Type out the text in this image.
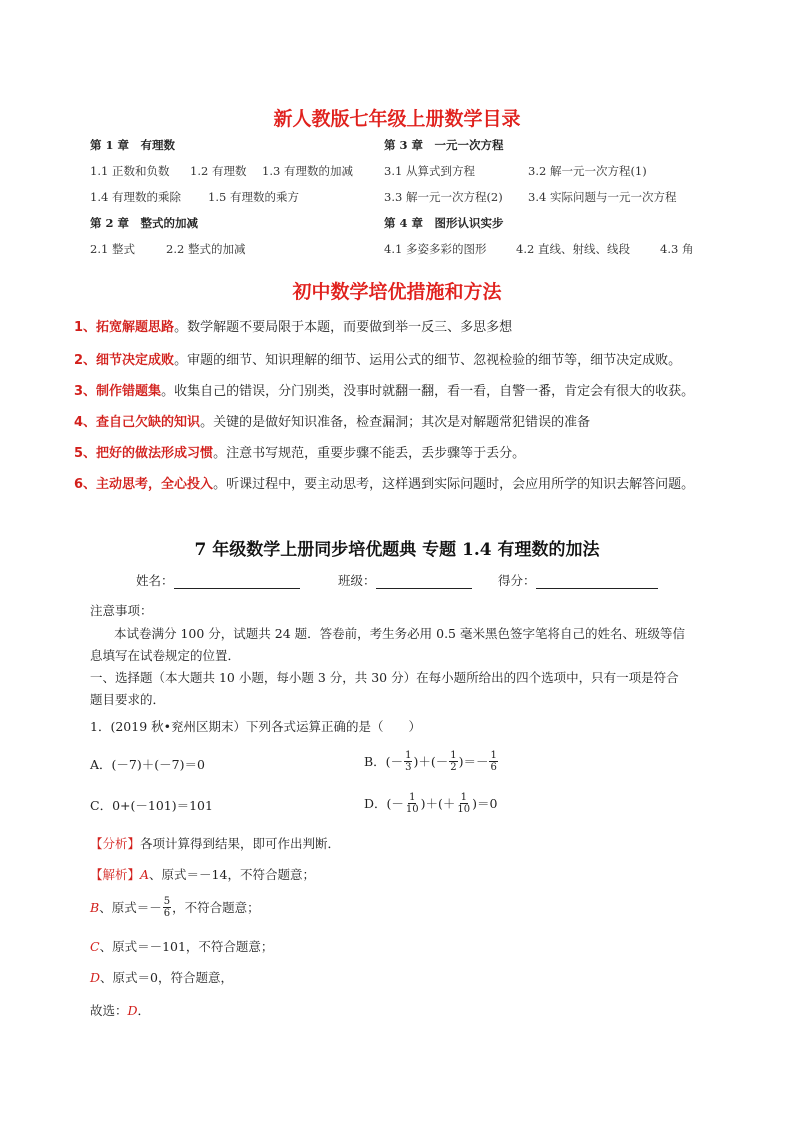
新人教版七年级上册数学目录
第 1 章　有理数
1.1 正数和负数 1.2 有理数 1.3 有理数的加减
1.4 有理数的乘除 1.5 有理数的乘方
第 2 章　整式的加减
2.1 整式	2.2 整式的加减
第 3 章　一元一次方程
3.1 从算式到方程	3.2 解一元一次方程(1)
3.3 解一元一次方程(2) 3.4 实际问题与一元一次方程
第 4 章　图形认识实步
4.1 多姿多彩的图形	4.2 直线、射线、线段	4.3 角
初中数学培优措施和方法
1、拓宽解题思路。数学解题不要局限于本题，而要做到举一反三、多思多想
2、细节决定成败。审题的细节、知识理解的细节、运用公式的细节、忽视检验的细节等，细节决定成败。
3、制作错题集。收集自己的错误，分门别类，没事时就翻一翻，看一看，自警一番，肯定会有很大的收获。
4、查自己欠缺的知识。关键的是做好知识准备，检查漏洞；其次是对解题常犯错误的准备
5、把好的做法形成习惯。注意书写规范，重要步骤不能丢，丢步骤等于丢分。
6、主动思考，全心投入。听课过程中，要主动思考，这样遇到实际问题时，会应用所学的知识去解答问题。
7 年级数学上册同步培优题典 专题 1.4 有理数的加法
姓名：	班级：	得分：
注意事项：
本试卷满分 100 分，试题共 24 题．答卷前，考生务必用 0.5 毫米黑色签字笔将自己的姓名、班级等信
息填写在试卷规定的位置．
一、选择题（本大题共 10 小题，每小题 3 分，共 30 分）在每小题所给出的四个选项中，只有一项是符合
题目要求的．
1．(2019 秋•兖州区期末）下列各式运算正确的是（　　）
A．(－7)＋(－7)＝0	B．(－ $\frac{1}{3}$ )＋(－ $\frac{1}{2}$ )＝－ $\frac{1}{6}$
C．0+(－101)＝101	D．(－ $\frac{1}{10}$ )＋(＋ $\frac{1}{10} )=0$
【分析】各项计算得到结果，即可作出判断．
【解析】A、原式＝－14，不符合题意；
B 、原式＝－ $\frac{5}{6}$ ，不符合题意；
C、原式＝－101，不符合题意；
D、原式＝0，符合题意，
故选：D．
